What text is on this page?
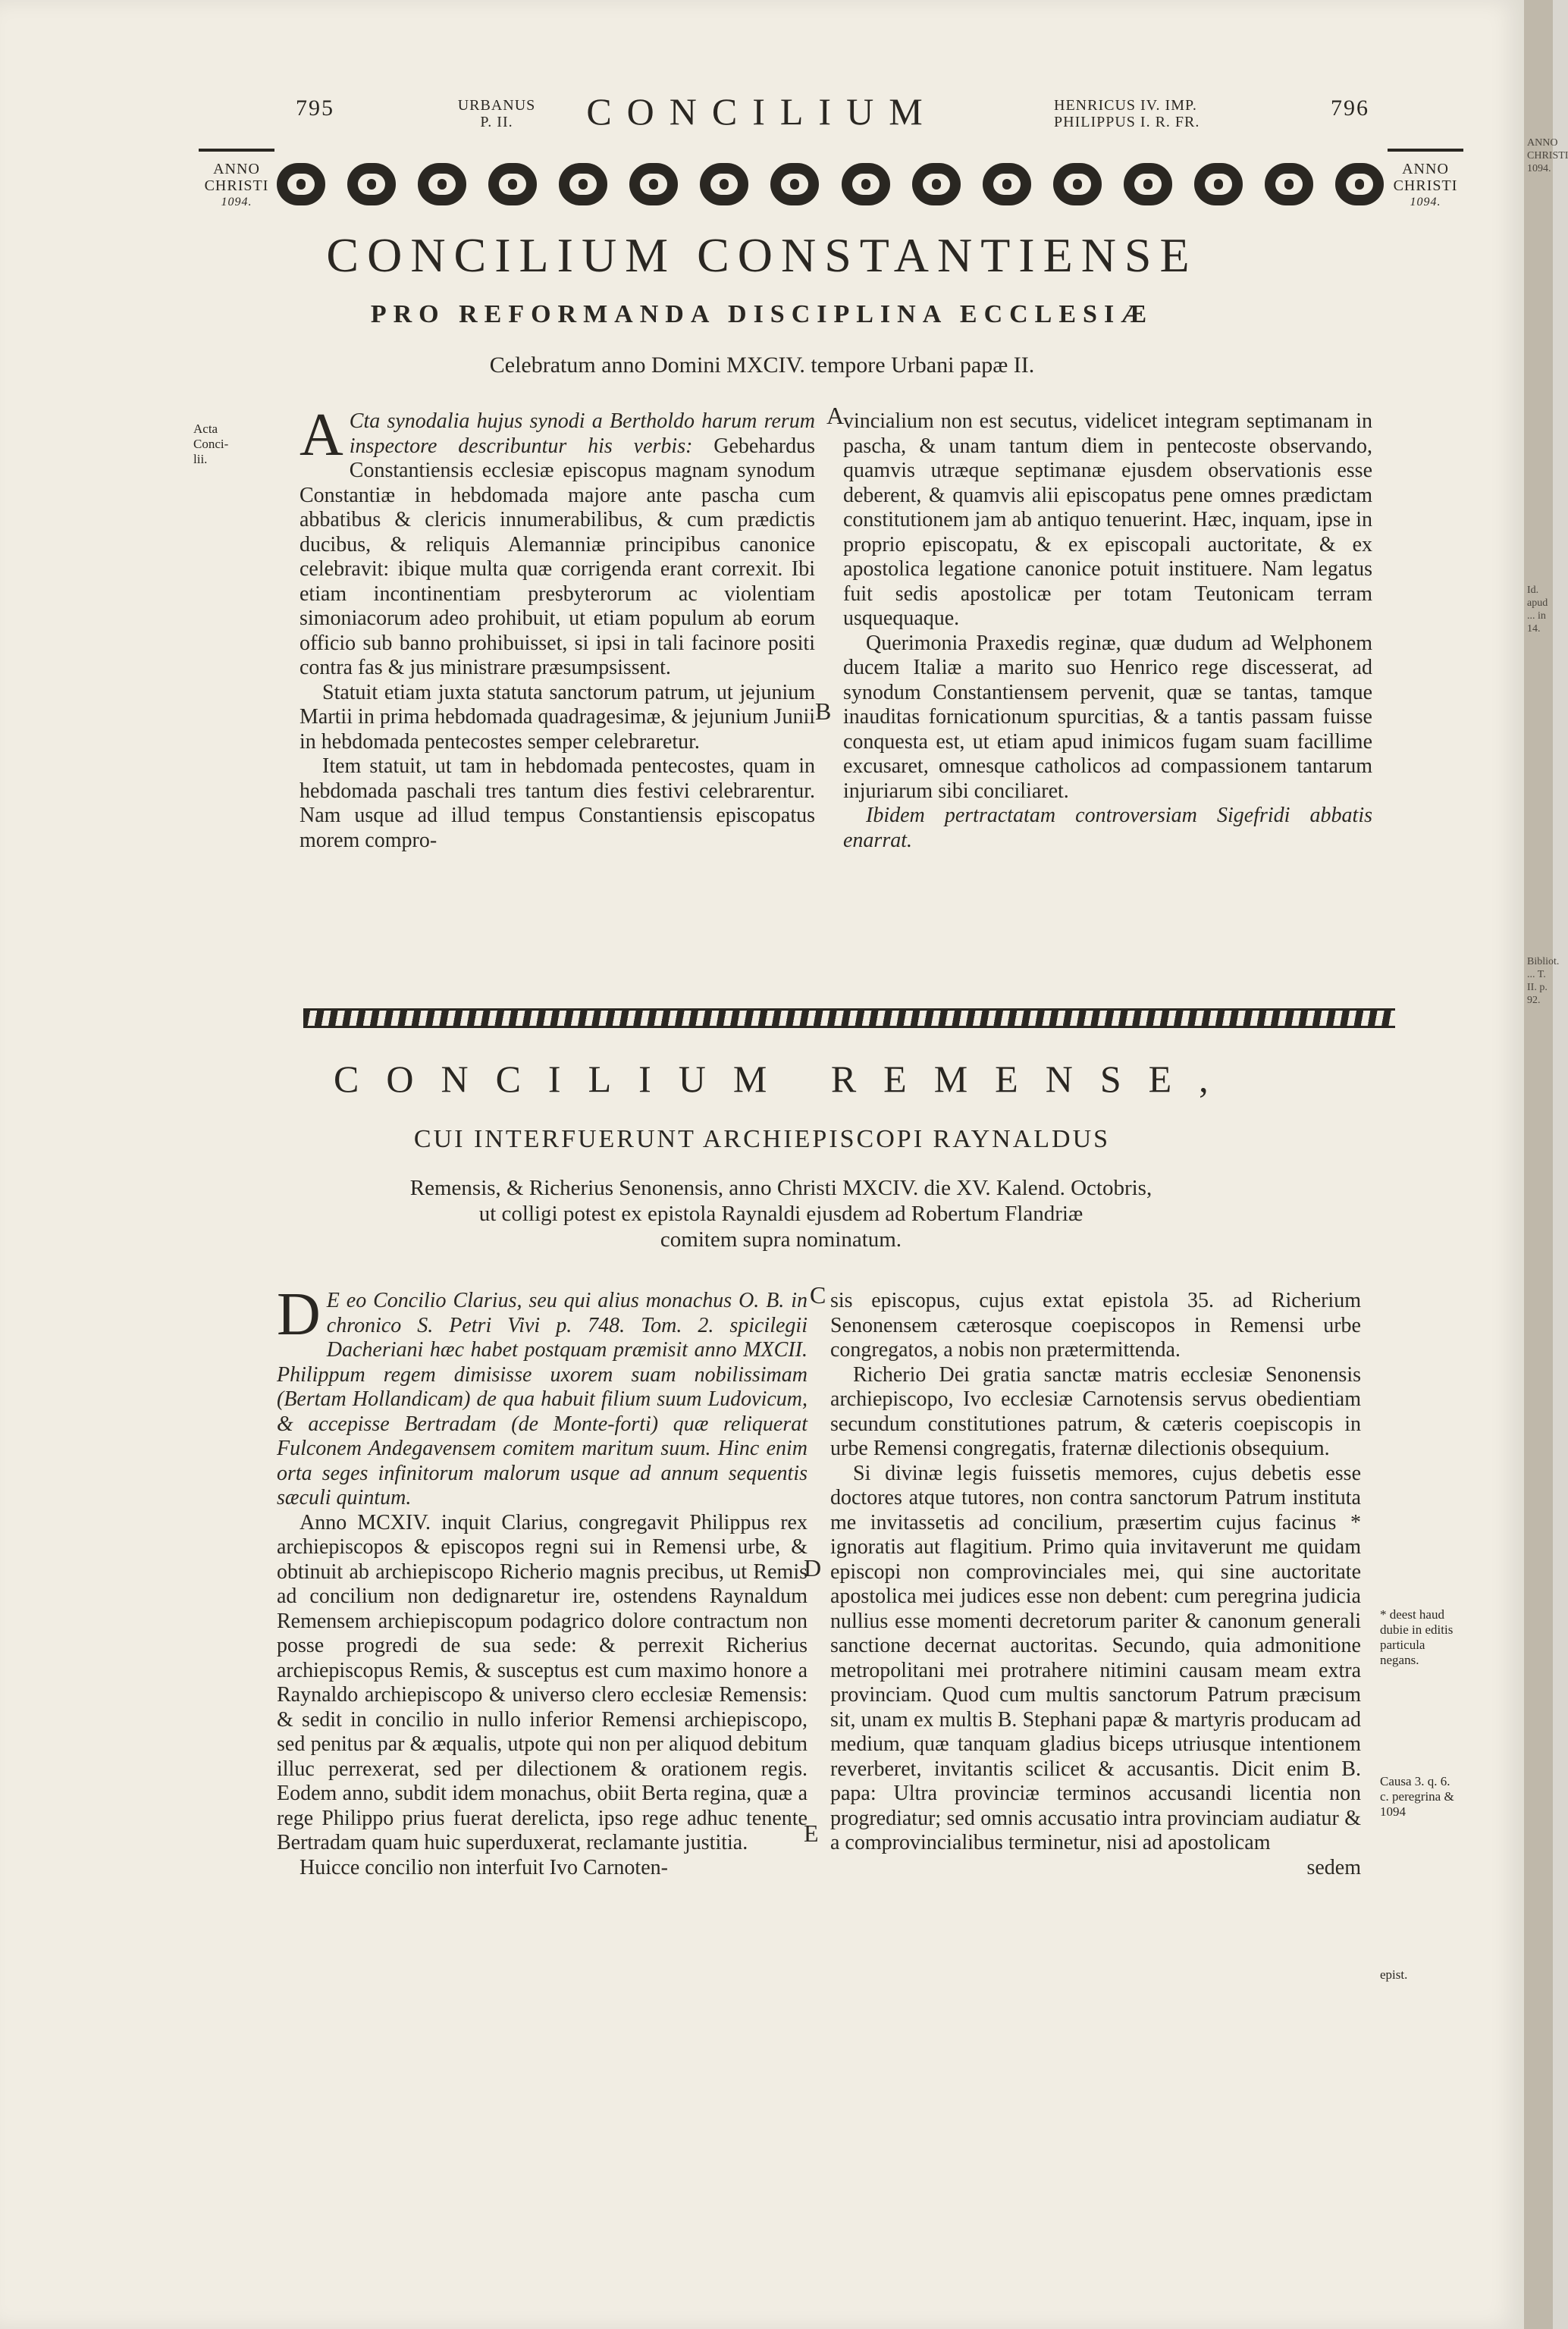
795	URBANUS
P. II.	CONCILIUM	HENRICUS IV. IMP.
PHILIPPUS I. R. FR.
796
ANNO
CHRISTI
1094.
ANNO
CHRISTI
1094.
CONCILIUM CONSTANTIENSE
PRO REFORMANDA DISCIPLINA ECCLESIÆ
Celebratum anno Domini MXCIV. tempore Urbani papæ II.
Acta Conci-
lii.	A Cta synodalia hujus synodi a Bertholdo harum rerum inspectore describuntur his verbis: Gebehardus Constantiensis ecclesiæ episcopus magnam synodum Constantiæ in hebdomada majore ante pascha cum abbatibus & clericis innumerabilibus, & cum prædictis ducibus, & reliquis Alemanniæ principibus canonice celebravit: ibique multa quæ corrigenda erant correxit. Ibi etiam incontinentiam presbyterorum ac violentiam simoniacorum adeo prohibuit, ut etiam populum ab eorum officio sub banno prohibuisset, si ipsi in tali facinore positi contra fas & jus ministrare præsumpsissent.

Statuit etiam juxta statuta sanctorum patrum, ut jejunium Martii in prima hebdomada quadragesimæ, & jejunium Junii in hebdomada pentecostes semper celebraretur.

Item statuit, ut tam in hebdomada pentecostes, quam in hebdomada paschali tres tantum dies festivi celebrarentur. Nam usque ad illud tempus Constantiensis episcopatus morem compro-

A
B

vincialium non est secutus, videlicet integram septimanam in pascha, & unam tantum diem in pentecoste observando, quamvis utræque septimanæ ejusdem observationis esse deberent, & quamvis alii episcopatus pene omnes prædictam constitutionem jam ab antiquo tenuerint. Hæc, inquam, ipse in proprio episcopatu, & ex episcopali auctoritate, & ex apostolica legatione canonice potuit instituere. Nam legatus fuit sedis apostolicæ per totam Teutonicam terram usquequaque.

Querimonia Praxedis reginæ, quæ dudum ad Welphonem ducem Italiæ a marito suo Henrico rege discesserat, ad synodum Constantiensem pervenit, quæ se tantas, tamque inauditas fornicationum spurcitias, & a tantis passam fuisse conquesta est, ut etiam apud inimicos fugam suam facillime excusaret, omnesque catholicos ad compassionem tantarum injuriarum sibi conciliaret.

Ibidem pertractatam controversiam Sigefridi abbatis enarrat.

CONCILIUM REMENSE,
CUI INTERFUERUNT ARCHIEPISCOPI RAYNALDUS
Remensis, & Richerius Senonensis, anno Christi MXCIV. die XV. Kalend. Octobris,
ut colligi potest ex epistola Raynaldi ejusdem ad Robertum Flandriæ
comitem supra nominatum.

D E eo Concilio Clarius, seu qui alius monachus O. B. in chronico S. Petri Vivi p. 748. Tom. 2. spicilegii Dacheriani hæc habet postquam præmisit anno MXCII. Philippum regem dimisisse uxorem suam nobilissimam (Bertam Hollandicam) de qua habuit filium suum Ludovicum, & accepisse Bertradam (de Monte-forti) quæ reliquerat Fulconem Andegavensem comitem maritum suum. Hinc enim orta seges infinitorum malorum usque ad annum sequentis sæculi quintum.

Anno MCXIV. inquit Clarius, congregavit Philippus rex archiepiscopos & episcopos regni sui in Remensi urbe, & obtinuit ab archiepiscopo Richerio magnis precibus, ut Remis ad concilium non dedignaretur ire, ostendens Raynaldum Remensem archiepiscopum podagrico dolore contractum non posse progredi de sua sede: & perrexit Richerius archiepiscopus Remis, & susceptus est cum maximo honore a Raynaldo archiepiscopo & universo clero ecclesiæ Remensis: & sedit in concilio in nullo inferior Remensi archiepiscopo, sed penitus par & æqualis, utpote qui non per aliquod debitum illuc perrexerat, sed per dilectionem & orationem regis. Eodem anno, subdit idem monachus, obiit Berta regina, quæ a rege Philippo prius fuerat derelicta, ipso rege adhuc tenente Bertradam quam huic superduxerat, reclamante justitia.

Huicce concilio non interfuit Ivo Carnoten-

C
D
E

sis episcopus, cujus extat epistola 35. ad Richerium Senonensem cæterosque coepiscopos in Remensi urbe congregatos, a nobis non prætermittenda.

Richerio Dei gratia sanctæ matris ecclesiæ Senonensis archiepiscopo, Ivo ecclesiæ Carnotensis servus obedientiam secundum constitutiones patrum, & cæteris coepiscopis in urbe Remensi congregatis, fraternæ dilectionis obsequium.

Si divinæ legis fuissetis memores, cujus debetis esse doctores atque tutores, non contra sanctorum Patrum instituta me invitassetis ad concilium, præsertim cujus facinus * ignoratis aut flagitium. Primo quia invitaverunt me quidam episcopi non comprovinciales mei, qui sine auctoritate apostolica mei judices esse non debent: cum peregrina judicia nullius esse momenti decretorum pariter & canonum generali sanctione decernat auctoritas. Secundo, quia admonitione metropolitani mei protrahere nitimini causam meam extra provinciam. Quod cum multis sanctorum Patrum præcisum sit, unam ex multis B. Stephani papæ & martyris producam ad medium, quæ tanquam gladius biceps utriusque intentionem reverberet, invitantis scilicet & accusantis. Dicit enim B. papa: Ultra provinciæ terminos accusandi licentia non progrediatur; sed omnis accusatio intra provinciam audiatur & a comprovincialibus terminetur, nisi ad apostolicam

sedem

* deest haud dubie in editis particula negans.
Causa 3. q. 6. c. peregrina & 1094
epist.
ANNO CHRISTI 1094.
Id. apud ... in 14.
Bibliot. ... T. II. p. 92.
